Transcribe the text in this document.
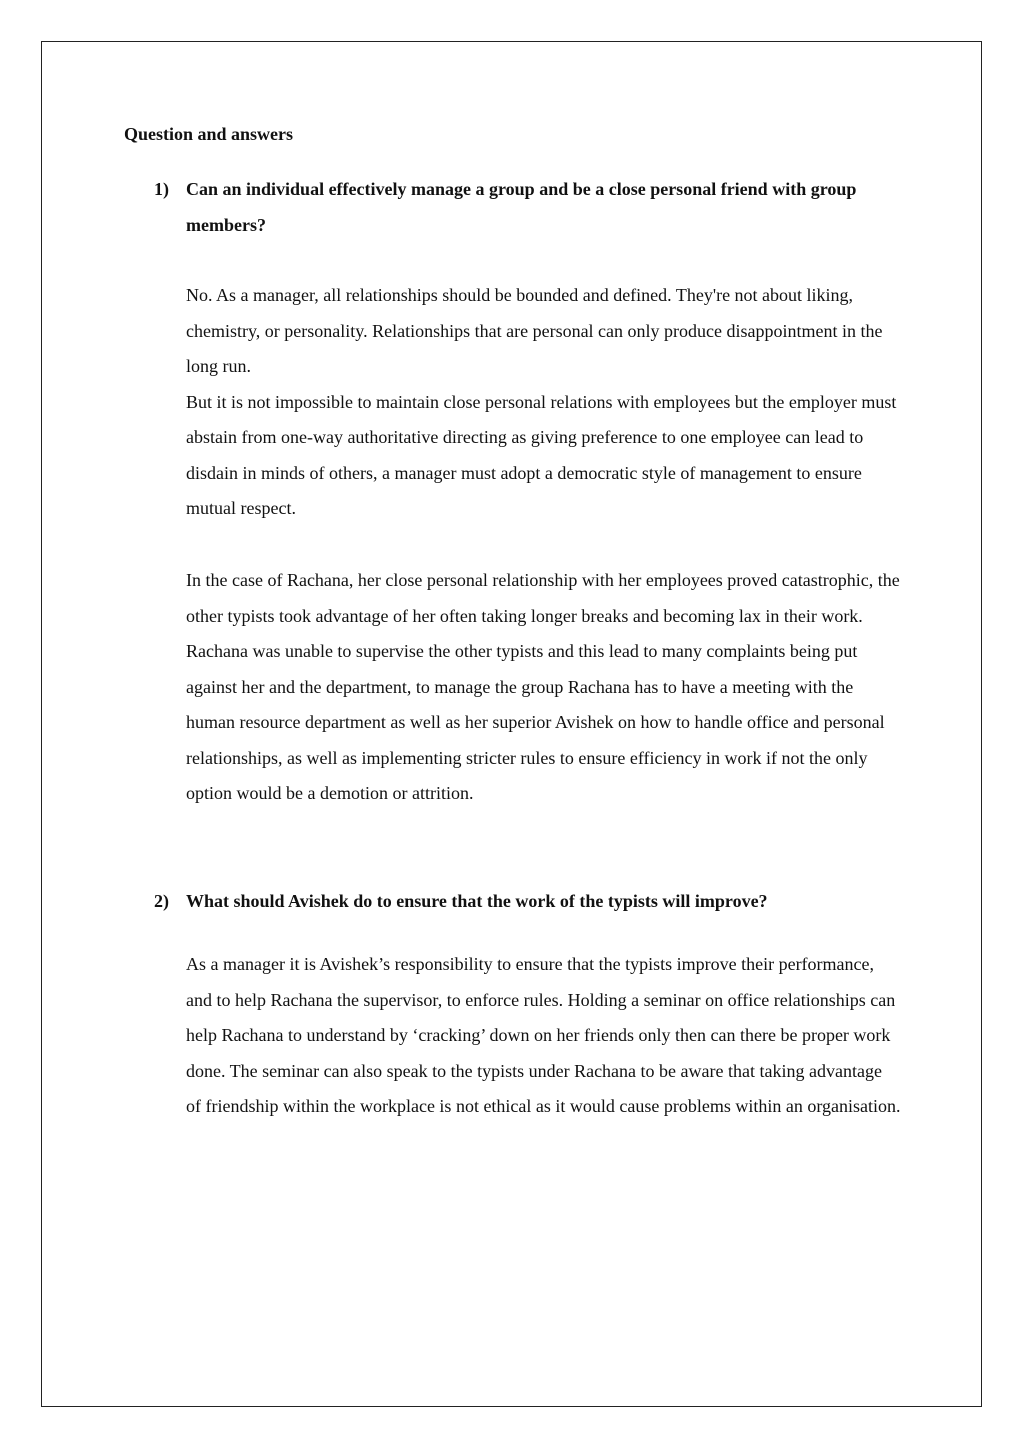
Question and answers
1) Can an individual effectively manage a group and be a close personal friend with group members?

No. As a manager, all relationships should be bounded and defined. They're not about liking, chemistry, or personality. Relationships that are personal can only produce disappointment in the long run.

But it is not impossible to maintain close personal relations with employees but the employer must abstain from one-way authoritative directing as giving preference to one employee can lead to disdain in minds of others, a manager must adopt a democratic style of management to ensure mutual respect.

In the case of Rachana, her close personal relationship with her employees proved catastrophic, the other typists took advantage of her often taking longer breaks and becoming lax in their work. Rachana was unable to supervise the other typists and this lead to many complaints being put against her and the department, to manage the group Rachana has to have a meeting with the human resource department as well as her superior Avishek on how to handle office and personal relationships, as well as implementing stricter rules to ensure efficiency in work if not the only option would be a demotion or attrition.

2) What should Avishek do to ensure that the work of the typists will improve?

As a manager it is Avishek’s responsibility to ensure that the typists improve their performance, and to help Rachana the supervisor, to enforce rules. Holding a seminar on office relationships can help Rachana to understand by ‘cracking’ down on her friends only then can there be proper work done. The seminar can also speak to the typists under Rachana to be aware that taking advantage of friendship within the workplace is not ethical as it would cause problems within an organisation.
